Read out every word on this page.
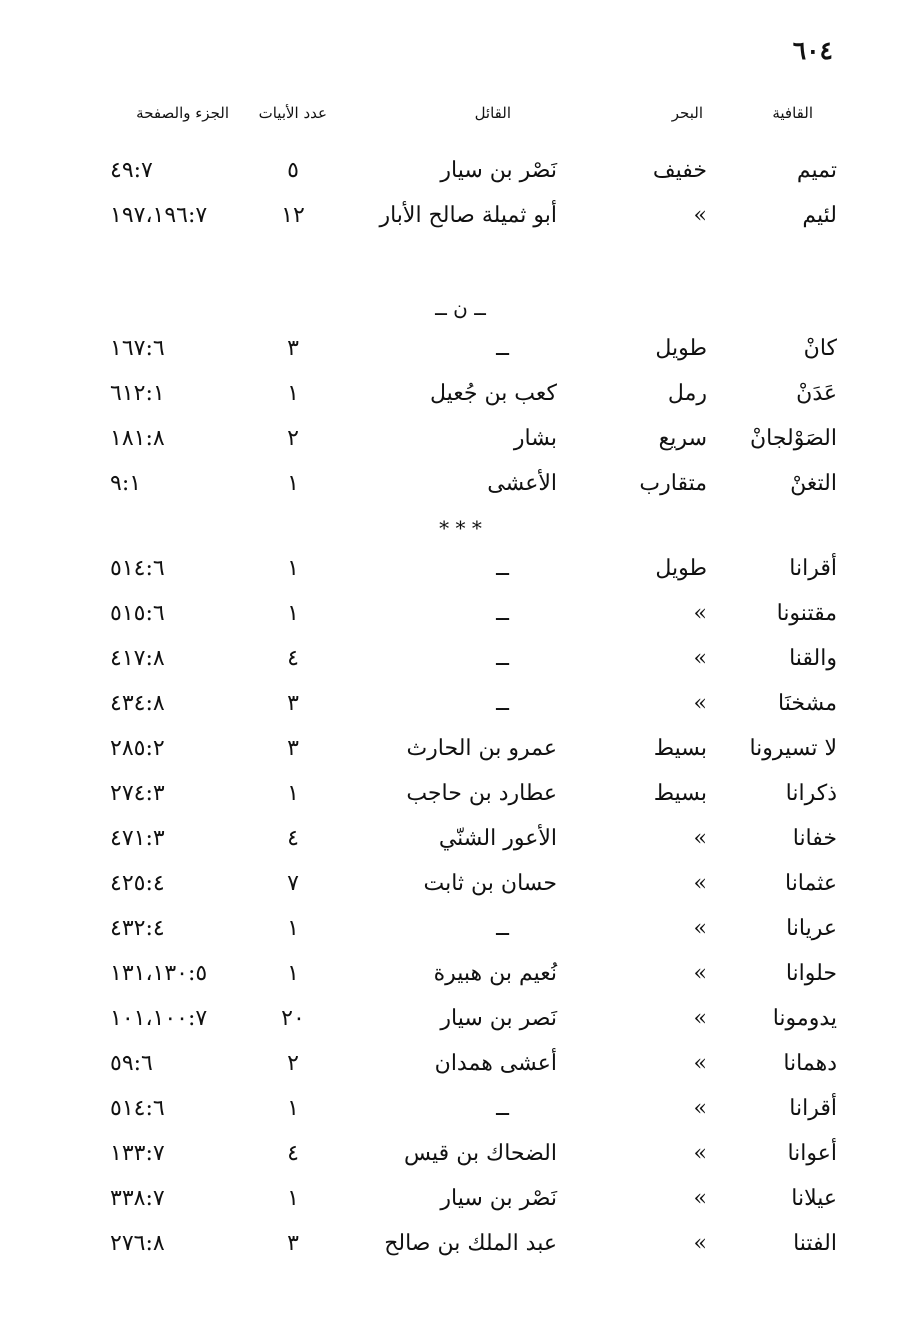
٦٠٤
القافية
البحر
القائل
عدد الأبيات
الجزء والصفحة
تميم
خفيف
نَصْر بن سيار
٥
٤٩:٧
لئيم
»
أبو ثميلة صالح الأبار
١٢
١٩٧،١٩٦:٧
ــ ن ــ
كانْ
طويل
ــ
٣
١٦٧:٦
عَدَنْ
رمل
كعب بن جُعيل
١
٦١٢:١
الصَوْلجانْ
سريع
بشار
٢
١٨١:٨
التغنْ
متقارب
الأعشى
١
٩:١
* * *
أقرانا
طويل
ــ
١
٥١٤:٦
مقتنونا
»
ــ
١
٥١٥:٦
والقنا
»
ــ
٤
٤١٧:٨
مشخنَا
»
ــ
٣
٤٣٤:٨
لا تسيرونا
بسيط
عمرو بن الحارث
٣
٢٨٥:٢
ذكرانا
بسيط
عطارد بن حاجب
١
٢٧٤:٣
خفانا
»
الأعور الشنّي
٤
٤٧١:٣
عثمانا
»
حسان بن ثابت
٧
٤٢٥:٤
عريانا
»
ــ
١
٤٣٢:٤
حلوانا
»
نُعيم بن هبيرة
١
١٣١،١٣٠:٥
يدومونا
»
نَصر بن سيار
٢٠
١٠١،١٠٠:٧
دهمانا
»
أعشى همدان
٢
٥٩:٦
أقرانا
»
ــ
١
٥١٤:٦
أعوانا
»
الضحاك بن قيس
٤
١٣٣:٧
عيلانا
»
نَصْر بن سيار
١
٣٣٨:٧
الفتنا
»
عبد الملك بن صالح
٣
٢٧٦:٨
